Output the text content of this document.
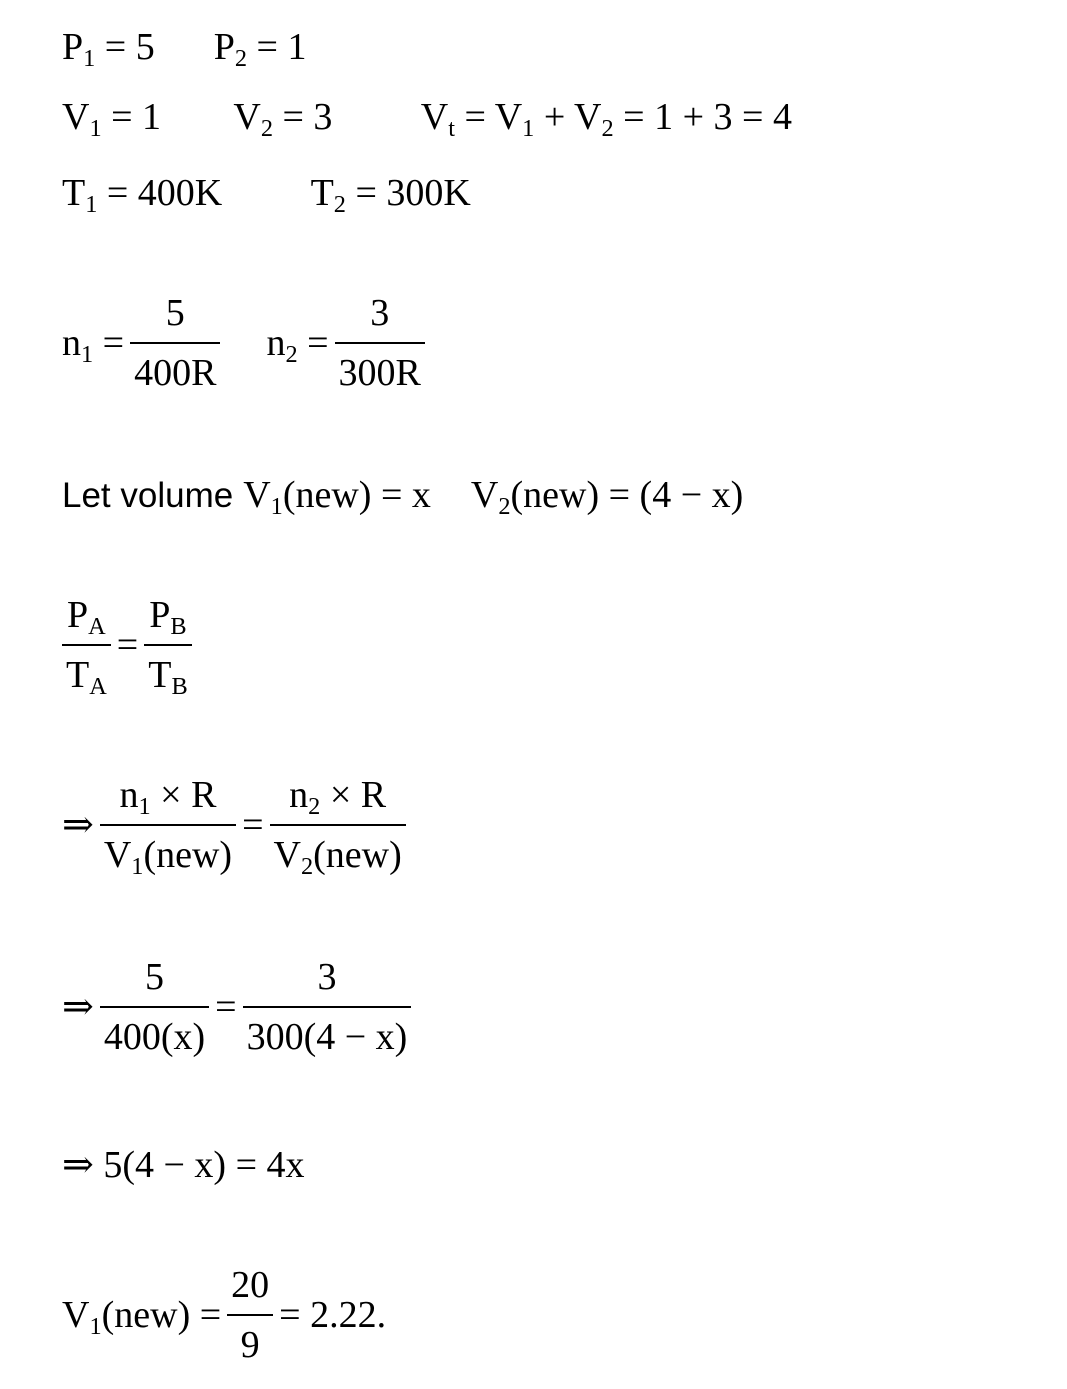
$P_1 = 5$ $P_2 = 1$
$V_1 = 1$ $V_2 = 3$ $V_t = V_1 + V_2 = 1 + 3 = 4$
$T_1 = 400K$ $T_2 = 300K$
$n_1 = \frac{5}{400R} n_2 = \frac{3}{300R}$
Let volume $V_1(new) = x$ $V_2(new) = (4 - x)$
$\frac{P_A}{T_A} = \frac{P_B}{T_B}$
⇒ $\frac{n_1 \times R}{V_1(new)} = \frac{n_2 \times R}{V_2(new)}$
⇒ $\frac{5}{400(x)} = \frac{3}{300(4 - x)}$
⇒ 5(4 − x) = 4x
$V_1(new) = \frac{20}{9} = 2.22$.
